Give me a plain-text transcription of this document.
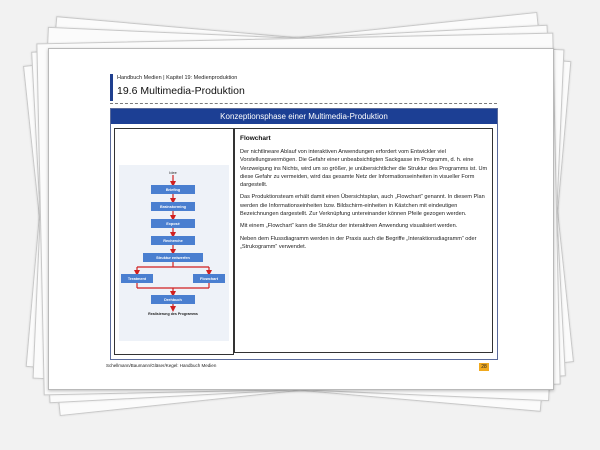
Handbuch Medien | Kapitel 19: Medienproduktion
19.6 Multimedia-Produktion
Konzeptionsphase einer Multimedia-Produktion
Idee
Realisierung des Programms
Briefing
Brainstorming
Exposé
Recherche
Struktur entwerfen
Treatment	Flowchart
Drehbuch
Flowchart

Der nichtlineare Ablauf von interaktiven Anwendungen erfordert vom Entwickler viel Vorstellungsvermögen. Die Gefahr einer unbeabsichtigten Sackgasse im Programm, d. h. eine Verzweigung ins Nichts, wird um so größer, je unübersichtlicher die Struktur des Programms ist. Um diese Gefahr zu vermeiden, wird das gesamte Netz der Informationseinheiten in visueller Form dargestellt.

Das Produktionsteam erhält damit einen Übersichtsplan, auch „Flowchart“ genannt. In diesem Plan werden die Informationseinheiten bzw. Bildschirm-einheiten in Kästchen mit eindeutigen Bezeichnungen dargestellt. Zur Verknüpfung untereinander können Pfeile gezogen werden.

Mit einem „Flowchart“ kann die Struktur der interaktiven Anwendung visualisiert werden.

Neben dem Flussdiagramm werden in der Praxis auch die Begriffe „Interaktionsdiagramm“ oder „Strukogramm“ verwendet.

Schellmann/Baumann/Gläser/Kegel: Handbuch Medien	28
